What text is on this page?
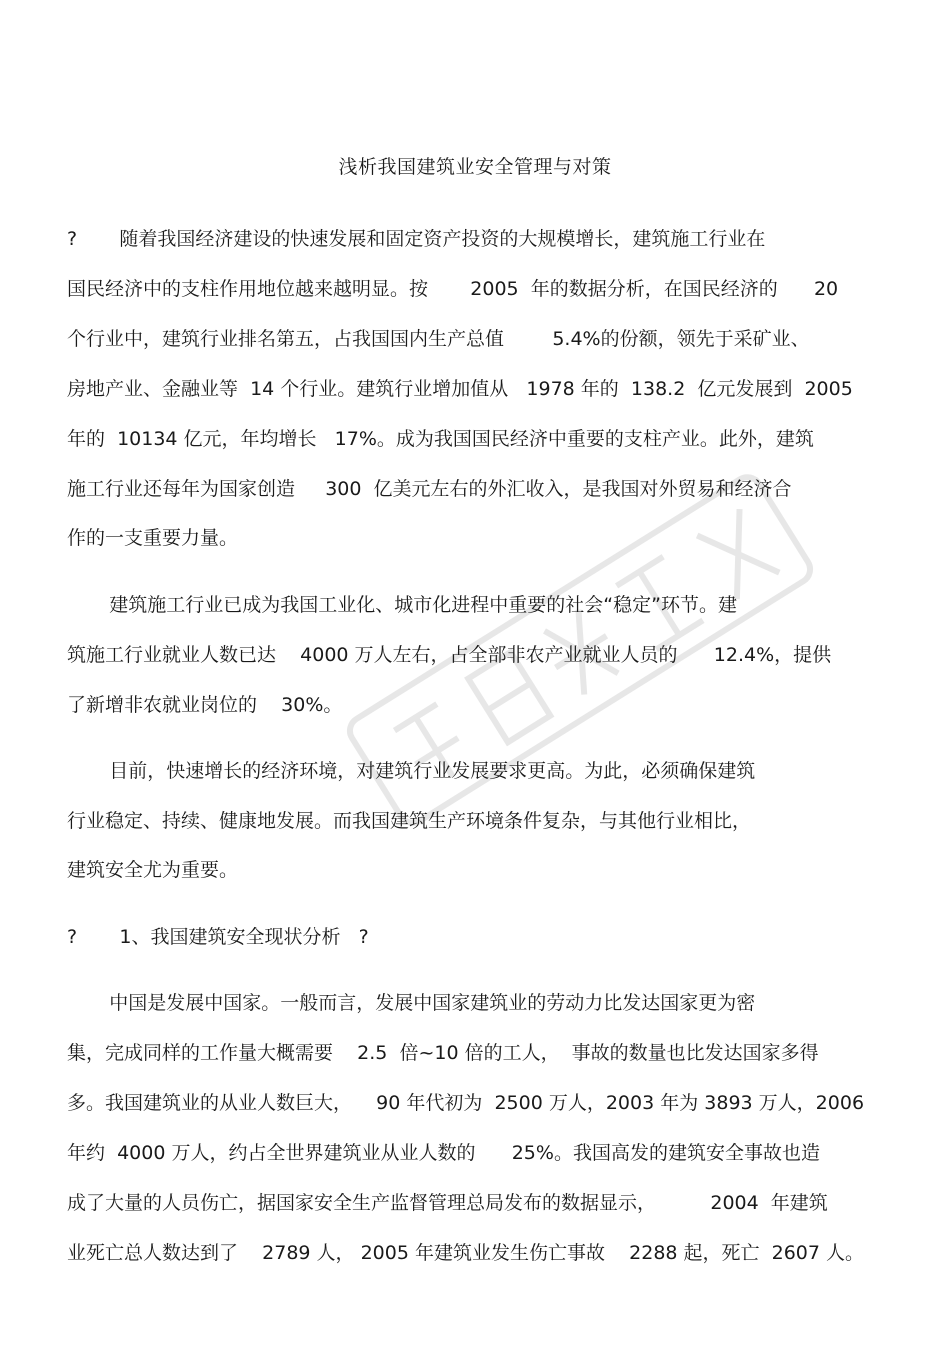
浅析我国建筑业安全管理与对策
?       随着我国经济建设的快速发展和固定资产投资的大规模增长，建筑施工行业在
国民经济中的支柱作用地位越来越明显。按       2005  年的数据分析，在国民经济的      20
个行业中，建筑行业排名第五，占我国国内生产总值        5.4%的份额，领先于采矿业、
房地产业、金融业等  14 个行业。建筑行业增加值从   1978 年的  138.2  亿元发展到  2005
年的  10134 亿元，年均增长   17%。成为我国国民经济中重要的支柱产业。此外，建筑
施工行业还每年为国家创造     300  亿美元左右的外汇收入，是我国对外贸易和经济合
作的一支重要力量。
建筑施工行业已成为我国工业化、城市化进程中重要的社会“稳定”环节。建
筑施工行业就业人数已达    4000 万人左右，占全部非农产业就业人员的      12.4%，提供
了新增非农就业岗位的    30%。
目前，快速增长的经济环境，对建筑行业发展要求更高。为此，必须确保建筑
行业稳定、持续、健康地发展。而我国建筑生产环境条件复杂，与其他行业相比，
建筑安全尤为重要。
?       1、我国建筑安全现状分析   ?
中国是发展中国家。一般而言，发展中国家建筑业的劳动力比发达国家更为密
集，完成同样的工作量大概需要    2.5  倍~10 倍的工人，  事故的数量也比发达国家多得
多。我国建筑业的从业人数巨大，    90 年代初为  2500 万人，2003 年为 3893 万人，2006
年约  4000 万人，约占全世界建筑业从业人数的      25%。我国高发的建筑安全事故也造
成了大量的人员伤亡，据国家安全生产监督管理总局发布的数据显示，         2004  年建筑
业死亡总人数达到了    2789 人， 2005 年建筑业发生伤亡事故    2288 起，死亡  2607 人。
